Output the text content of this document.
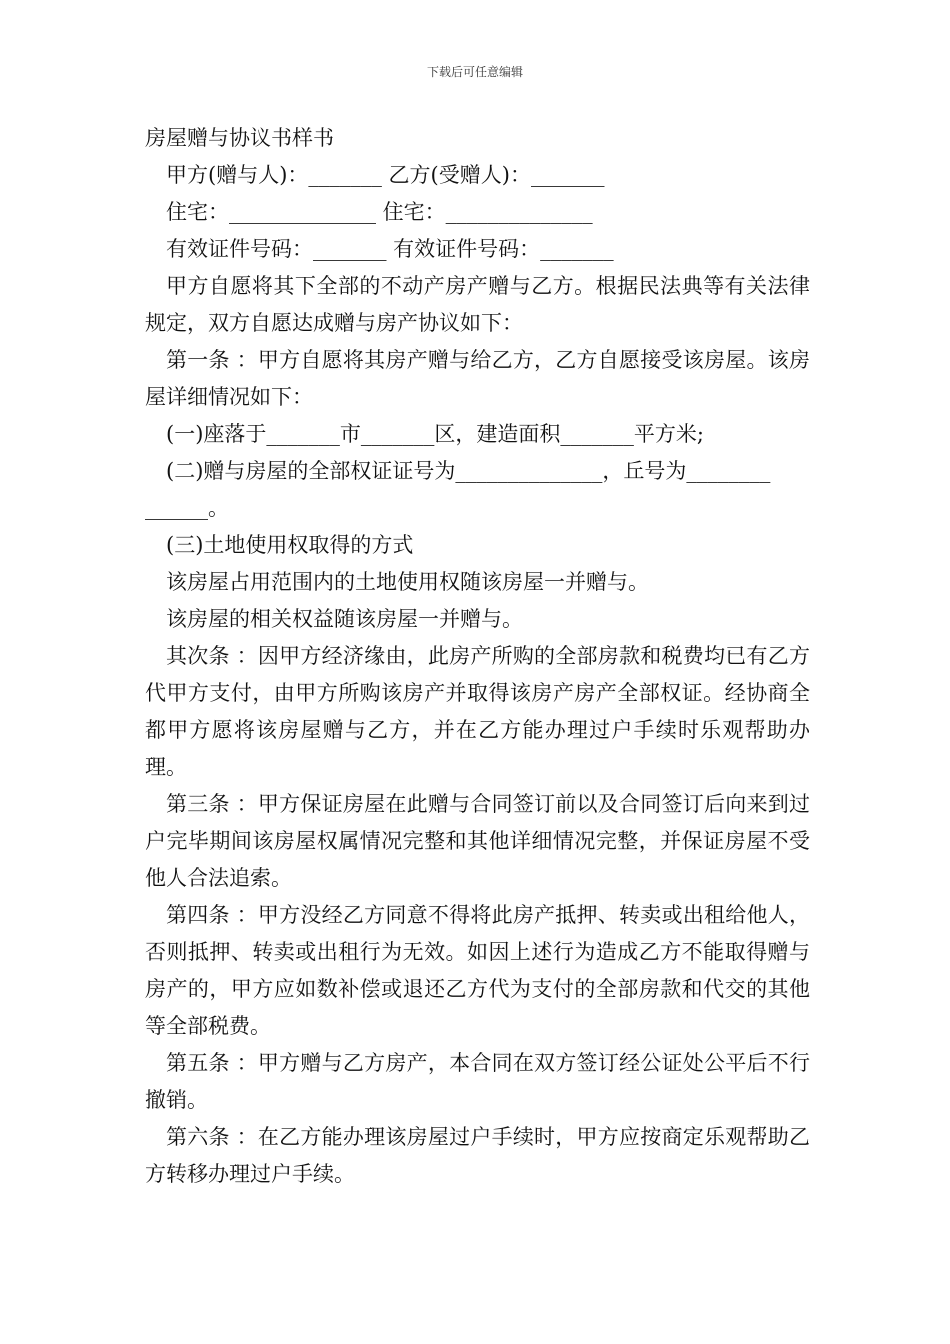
下载后可任意编辑
房屋赠与协议书样书
甲方(赠与人)：_______ 乙方(受赠人)：_______
住宅：______________ 住宅：______________
有效证件号码：_______ 有效证件号码：_______
甲方自愿将其下全部的不动产房产赠与乙方。根据民法典等有关法律规定，双方自愿达成赠与房产协议如下：
第一条 ：甲方自愿将其房产赠与给乙方，乙方自愿接受该房屋。该房屋详细情况如下：
(一)座落于_______市_______区，建造面积_______平方米;
(二)赠与房屋的全部权证证号为______________，丘号为________
______。
(三)土地使用权取得的方式
该房屋占用范围内的土地使用权随该房屋一并赠与。
该房屋的相关权益随该房屋一并赠与。
其次条 ：因甲方经济缘由，此房产所购的全部房款和税费均已有乙方代甲方支付，由甲方所购该房产并取得该房产房产全部权证。经协商全都甲方愿将该房屋赠与乙方，并在乙方能办理过户手续时乐观帮助办理。
第三条 ：甲方保证房屋在此赠与合同签订前以及合同签订后向来到过户完毕期间该房屋权属情况完整和其他详细情况完整，并保证房屋不受他人合法追索。
第四条 ：甲方没经乙方同意不得将此房产抵押、转卖或出租给他人，否则抵押、转卖或出租行为无效。如因上述行为造成乙方不能取得赠与房产的，甲方应如数补偿或退还乙方代为支付的全部房款和代交的其他等全部税费。
第五条 ：甲方赠与乙方房产，本合同在双方签订经公证处公平后不行撤销。
第六条 ：在乙方能办理该房屋过户手续时，甲方应按商定乐观帮助乙方转移办理过户手续。
